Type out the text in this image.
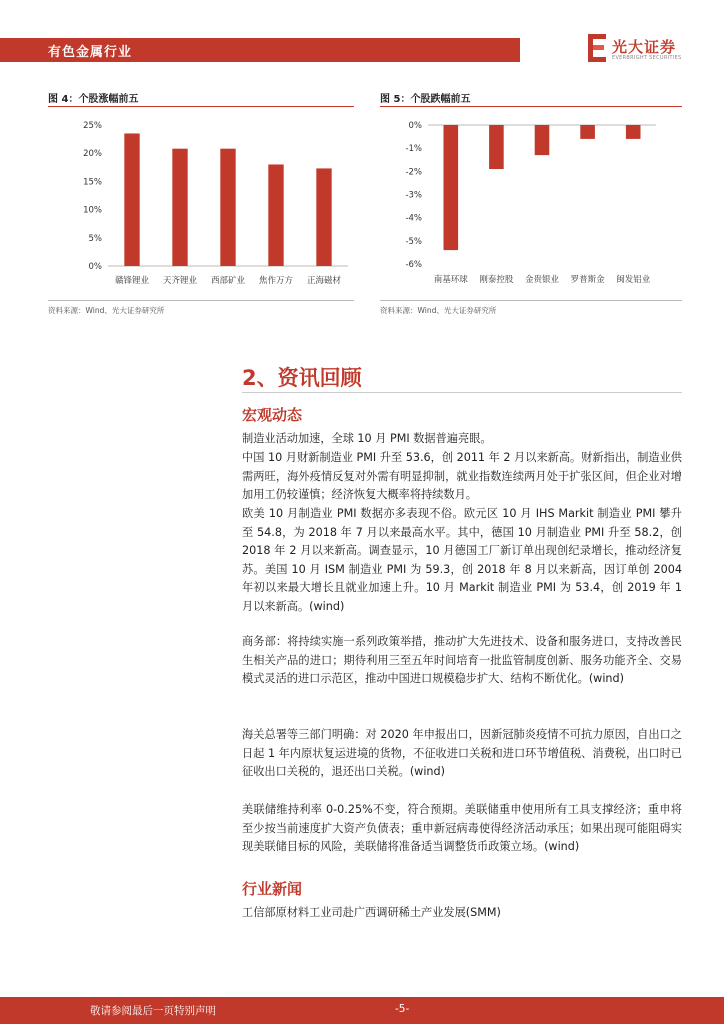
有色金属行业	光大证券
EVERBRIGHT SECURITIES
图 4：个股涨幅前五
0%
5%
10%
15%
20%
25%
赣锋锂业 天齐锂业 西部矿业 焦作万方 正海磁材
资料来源：Wind、光大证券研究所
图 5：个股跌幅前五
0%
-1%
-2%
-3%
-4%
-5%
-6%
南基环球 刚泰控股 金贵银业 罗普斯金 闽发铝业
资料来源：Wind、光大证券研究所
2、资讯回顾
宏观动态
制造业活动加速，全球 10 月 PMI 数据普遍亮眼。
中国 10 月财新制造业 PMI 升至 53.6，创 2011 年 2 月以来新高。财新指出，制造业供需两旺，海外疫情反复对外需有明显抑制，就业指数连续两月处于扩张区间，但企业对增加用工仍较谨慎；经济恢复大概率将持续数月。
欧美 10 月制造业 PMI 数据亦多表现不俗。欧元区 10 月 IHS Markit 制造业 PMI 攀升至 54.8，为 2018 年 7 月以来最高水平。其中，德国 10 月制造业 PMI 升至 58.2，创 2018 年 2 月以来新高。调查显示，10 月德国工厂新订单出现创纪录增长，推动经济复苏。美国 10 月 ISM 制造业 PMI 为 59.3，创 2018 年 8 月以来新高，因订单创 2004 年初以来最大增长且就业加速上升。10 月 Markit 制造业 PMI 为 53.4，创 2019 年 1 月以来新高。(wind)
商务部：将持续实施一系列政策举措，推动扩大先进技术、设备和服务进口，支持改善民生相关产品的进口；期待利用三至五年时间培育一批监管制度创新、服务功能齐全、交易模式灵活的进口示范区，推动中国进口规模稳步扩大、结构不断优化。(wind)
海关总署等三部门明确：对 2020 年申报出口，因新冠肺炎疫情不可抗力原因，自出口之日起 1 年内原状复运进境的货物，不征收进口关税和进口环节增值税、消费税，出口时已征收出口关税的，退还出口关税。(wind)
美联储维持利率 0-0.25%不变，符合预期。美联储重申使用所有工具支撑经济；重申将至少按当前速度扩大资产负债表；重申新冠病毒使得经济活动承压；如果出现可能阻碍实现美联储目标的风险，美联储将准备适当调整货币政策立场。(wind)
行业新闻
工信部原材料工业司赴广西调研稀土产业发展(SMM)
敬请参阅最后一页特别声明	-5-
